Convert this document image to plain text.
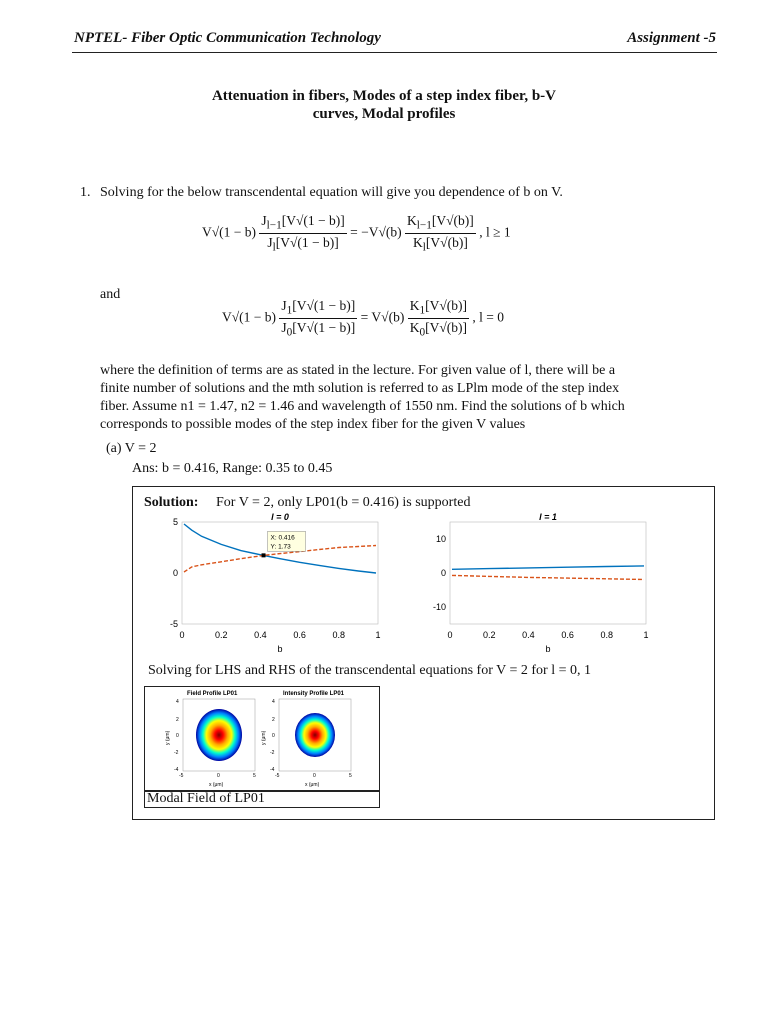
NPTEL- Fiber Optic Communication Technology	Assignment -5
Attenuation in fibers, Modes of a step index fiber, b-V
curves, Modal profiles
1. Solving for the below transcendental equation will give you dependence of b on V.
$V√(1 - b) \frac{J_{l-1}[V√(1 - b)]}{J_l[V√(1 - b)]} = -V√(b) \frac{K_{l-1}[V√(b)]}{K_l[V√(b)]}$ , l ≥ 1
and
$V√(1 - b) \frac{J_1[V√(1 - b)]}{J_0[V√(1 - b)]} = V√(b) \frac{K_1[V√(b)]}{K_0[V√(b)]}$ , l = 0
where the definition of terms are as stated in the lecture. For given value of l, there will be a
finite number of solutions and the mth solution is referred to as LPlm mode of the step index
fiber. Assume n1 = 1.47, n2 = 1.46 and wavelength of 1550 nm. Find the solutions of b which
corresponds to possible modes of the step index fiber for the given V values
(a) V = 2
Ans: b = 0.416, Range: 0.35 to 0.45
Solution: For V = 2, only LP01(b = 0.416) is supported
l = 0
0	0.2	0.4	0.6	0.8	1
-5
0
5
b
X: 0.416
Y: 1.73
l = 1
0	0.2	0.4	0.6	0.8	1
-10
0
10
b
Solving for LHS and RHS of the transcendental equations for V = 2 for l = 0, 1
Field Profile LP01
4
2
0
-2
-4
-5	0	5
x (μm)
y (μm)
Intensity Profile LP01
4
2
0
-2
-4
-5	0	5
x (μm)
y (μm)
Modal Field of LP01
